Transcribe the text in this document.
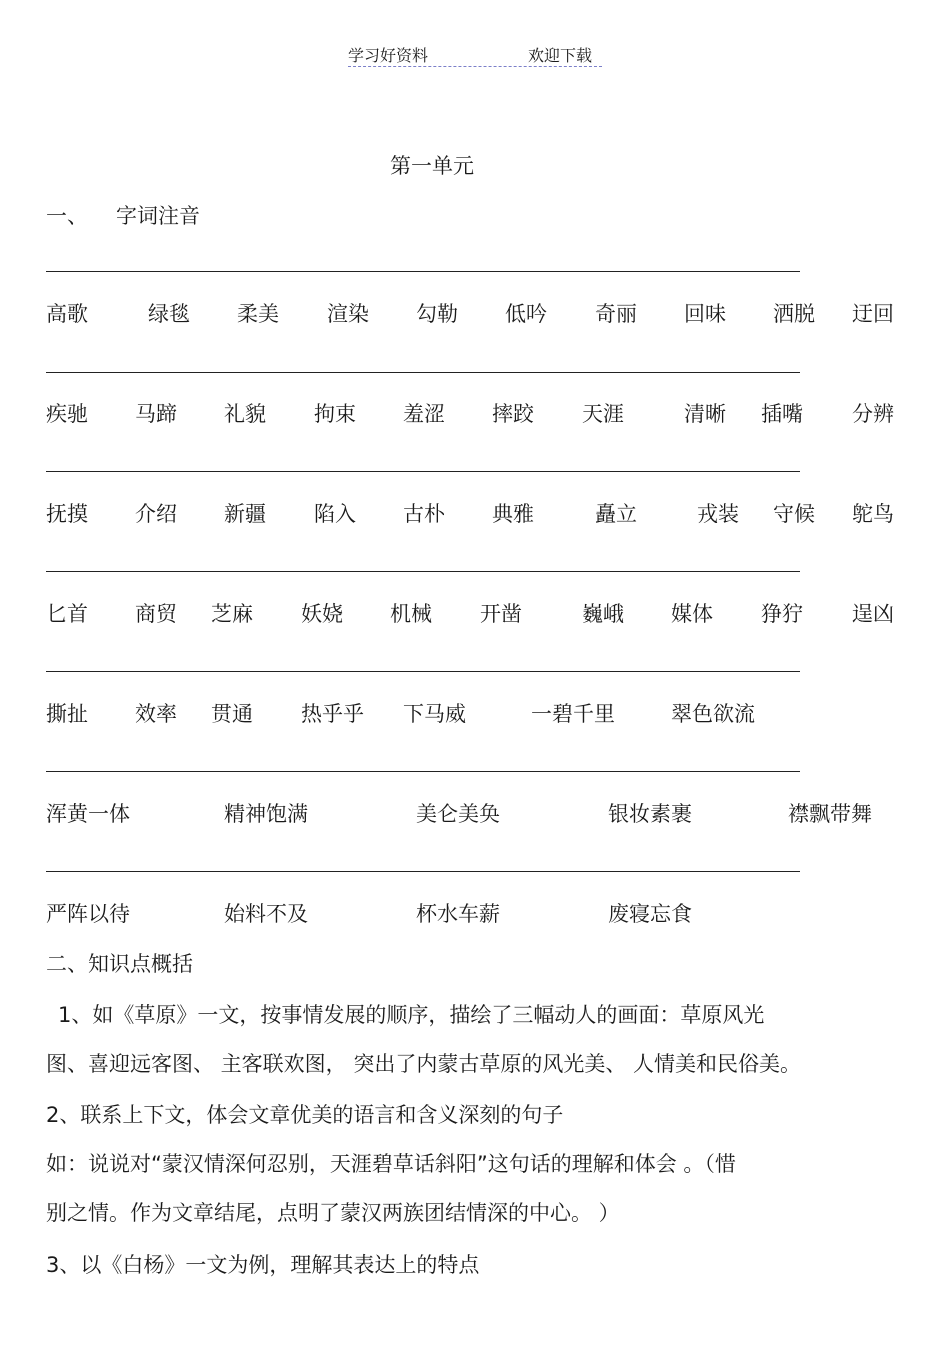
学习好资料	欢迎下载
第一单元
一、 字词注音
高歌	绿毯 柔美 渲染 勾勒 低吟 奇丽 回味 洒脱 迂回
疾驰 马蹄 礼貌 拘束 羞涩 摔跤 天涯	清晰 插嘴 分辨
抚摸 介绍 新疆 陷入 古朴 典雅	矗立	戎装 守候 鸵鸟
匕首 商贸 芝麻 妖娆 机械 开凿	巍峨 媒体 狰狞 逞凶
撕扯 效率 贯通 热乎乎 下马威	一碧千里	翠色欲流
浑黄一体	精神饱满	美仑美奂	银妆素裹	襟飘带舞
严阵以待	始料不及	杯水车薪	废寝忘食
二、知识点概括
1、如《草原》一文，按事情发展的顺序，描绘了三幅动人的画面：草原风光
图、喜迎远客图、 主客联欢图， 突出了内蒙古草原的风光美、 人情美和民俗美。
2、联系上下文，体会文章优美的语言和含义深刻的句子
如：说说对“蒙汉情深何忍别，天涯碧草话斜阳”这句话的理解和体会 。（惜
别之情。作为文章结尾，点明了蒙汉两族团结情深的中心。 ）
3、以《白杨》一文为例，理解其表达上的特点
